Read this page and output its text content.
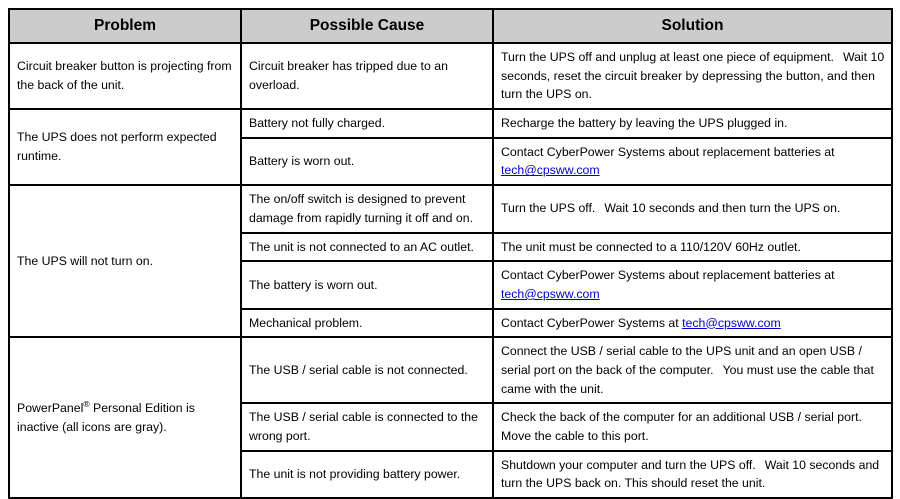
Problem	Possible Cause	Solution
Circuit breaker button is projecting from the back of the unit.	Circuit breaker has tripped due to an overload.	Turn the UPS off and unplug at least one piece of equipment. Wait 10 seconds, reset the circuit breaker by depressing the button, and then turn the UPS on.
The UPS does not perform expected runtime.	Battery not fully charged.	Recharge the battery by leaving the UPS plugged in.
	Battery is worn out.	Contact CyberPower Systems about replacement batteries at tech@cpsww.com
The UPS will not turn on.	The on/off switch is designed to prevent damage from rapidly turning it off and on.	Turn the UPS off. Wait 10 seconds and then turn the UPS on.
	The unit is not connected to an AC outlet.	The unit must be connected to a 110/120V 60Hz outlet.
	The battery is worn out.	Contact CyberPower Systems about replacement batteries at tech@cpsww.com
	Mechanical problem.	Contact CyberPower Systems at tech@cpsww.com
PowerPanel® Personal Edition is inactive (all icons are gray).	The USB / serial cable is not connected.	Connect the USB / serial cable to the UPS unit and an open USB / serial port on the back of the computer. You must use the cable that came with the unit.
	The USB / serial cable is connected to the wrong port.	Check the back of the computer for an additional USB / serial port.Move the cable to this port.
	The unit is not providing battery power.	Shutdown your computer and turn the UPS off. Wait 10 seconds and turn the UPS back on. This should reset the unit.
